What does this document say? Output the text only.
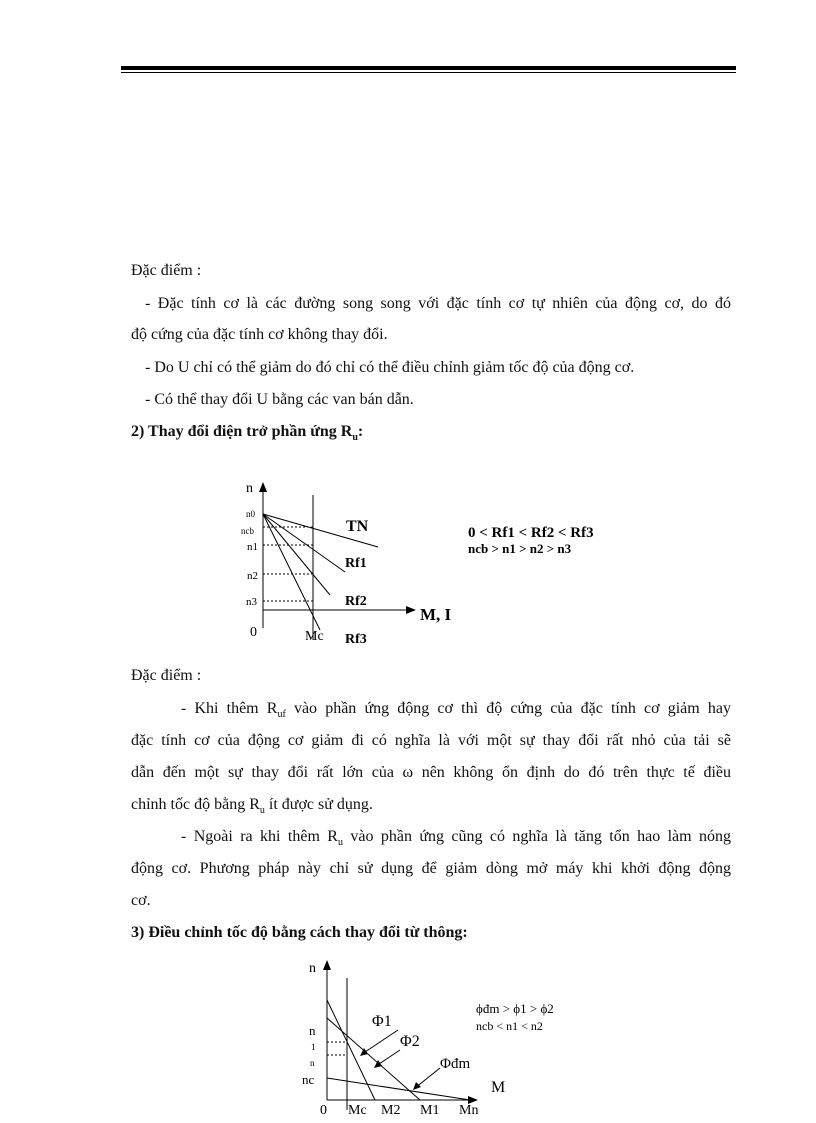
Đặc điểm :
- Đặc tính cơ là các đường song song với đặc tính cơ tự nhiên của động cơ, do đó
độ cứng của đặc tính cơ không thay đổi.
- Do U chỉ có thể giảm do đó chỉ có thể điều chỉnh giảm tốc độ của động cơ.
- Có thể thay đổi U bằng các van bán dẫn.
2) Thay đổi điện trở phần ứng $R_u$:
n
M, I
0	Mc
n0
ncb
n1
n2
n3
TN
Rf1
Rf2
Rf3
0 < Rf1 < Rf2 < Rf3
ncb > n1 > n2 > n3
Đặc điểm :
- Khi thêm $R_{uf}$ vào phần ứng động cơ thì độ cứng của đặc tính cơ giảm hay
đặc tính cơ của động cơ giảm đi có nghĩa là với một sự thay đổi rất nhỏ của tải sẽ
dẫn đến một sự thay đổi rất lớn của ω nên không ổn định do đó trên thực tế điều
chỉnh tốc độ bằng $R_u$ ít được sử dụng.
- Ngoài ra khi thêm $R_u$ vào phần ứng cũng có nghĩa là tăng tổn hao làm nóng
động cơ. Phương pháp này chỉ sử dụng để giảm dòng mở máy khi khởi động động
cơ.
3) Điều chỉnh tốc độ bằng cách thay đổi từ thông:
n
M
0 Mc M2 M1 Mn
n
1
n
nc
Φ1
Φ2
Φđm
ϕđm > ϕ1 > ϕ2
ncb < n1 < n2
